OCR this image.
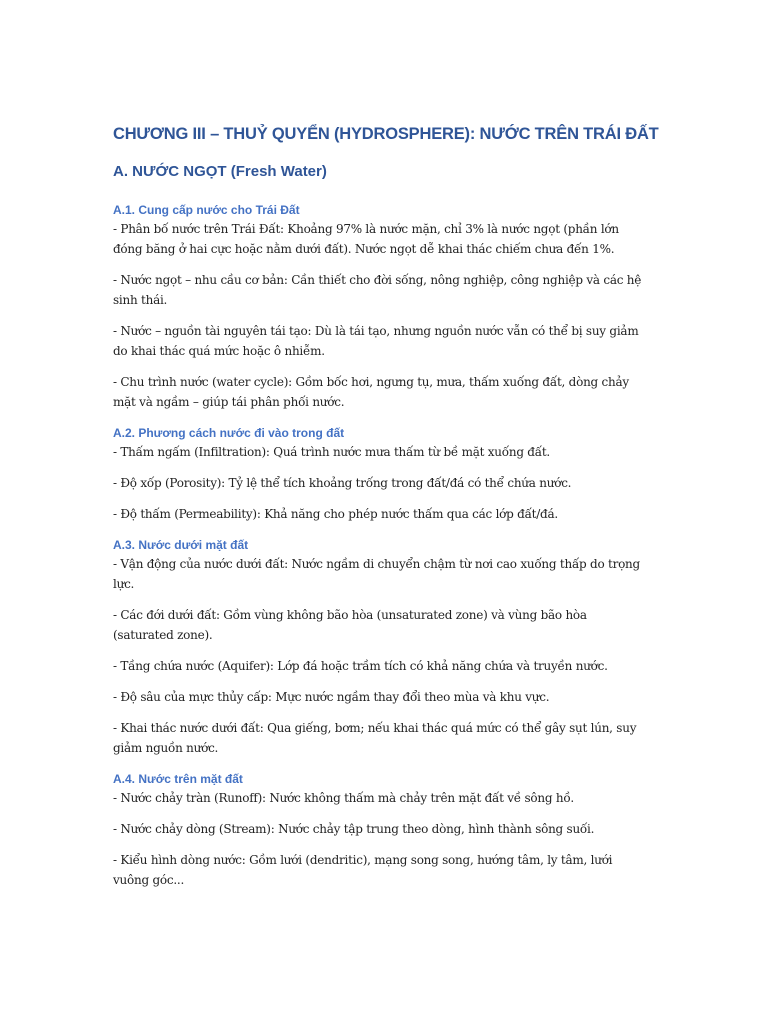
CHƯƠNG III – THUỶ QUYỂN (HYDROSPHERE): NƯỚC TRÊN TRÁI ĐẤT
A. NƯỚC NGỌT (Fresh Water)
A.1. Cung cấp nước cho Trái Đất

- Phân bố nước trên Trái Đất: Khoảng 97% là nước mặn, chỉ 3% là nước ngọt (phần lớn đóng băng ở hai cực hoặc nằm dưới đất). Nước ngọt dễ khai thác chiếm chưa đến 1%.

- Nước ngọt – nhu cầu cơ bản: Cần thiết cho đời sống, nông nghiệp, công nghiệp và các hệ sinh thái.

- Nước – nguồn tài nguyên tái tạo: Dù là tái tạo, nhưng nguồn nước vẫn có thể bị suy giảm do khai thác quá mức hoặc ô nhiễm.

- Chu trình nước (water cycle): Gồm bốc hơi, ngưng tụ, mưa, thấm xuống đất, dòng chảy mặt và ngầm – giúp tái phân phối nước.

A.2. Phương cách nước đi vào trong đất

- Thấm ngấm (Infiltration): Quá trình nước mưa thấm từ bề mặt xuống đất.

- Độ xốp (Porosity): Tỷ lệ thể tích khoảng trống trong đất/đá có thể chứa nước.

- Độ thấm (Permeability): Khả năng cho phép nước thấm qua các lớp đất/đá.

A.3. Nước dưới mặt đất

- Vận động của nước dưới đất: Nước ngầm di chuyển chậm từ nơi cao xuống thấp do trọng lực.

- Các đới dưới đất: Gồm vùng không bão hòa (unsaturated zone) và vùng bão hòa (saturated zone).

- Tầng chứa nước (Aquifer): Lớp đá hoặc trầm tích có khả năng chứa và truyền nước.

- Độ sâu của mực thủy cấp: Mực nước ngầm thay đổi theo mùa và khu vực.

- Khai thác nước dưới đất: Qua giếng, bơm; nếu khai thác quá mức có thể gây sụt lún, suy giảm nguồn nước.

A.4. Nước trên mặt đất

- Nước chảy tràn (Runoff): Nước không thấm mà chảy trên mặt đất về sông hồ.

- Nước chảy dòng (Stream): Nước chảy tập trung theo dòng, hình thành sông suối.

- Kiểu hình dòng nước: Gồm lưới (dendritic), mạng song song, hướng tâm, ly tâm, lưới vuông góc...
